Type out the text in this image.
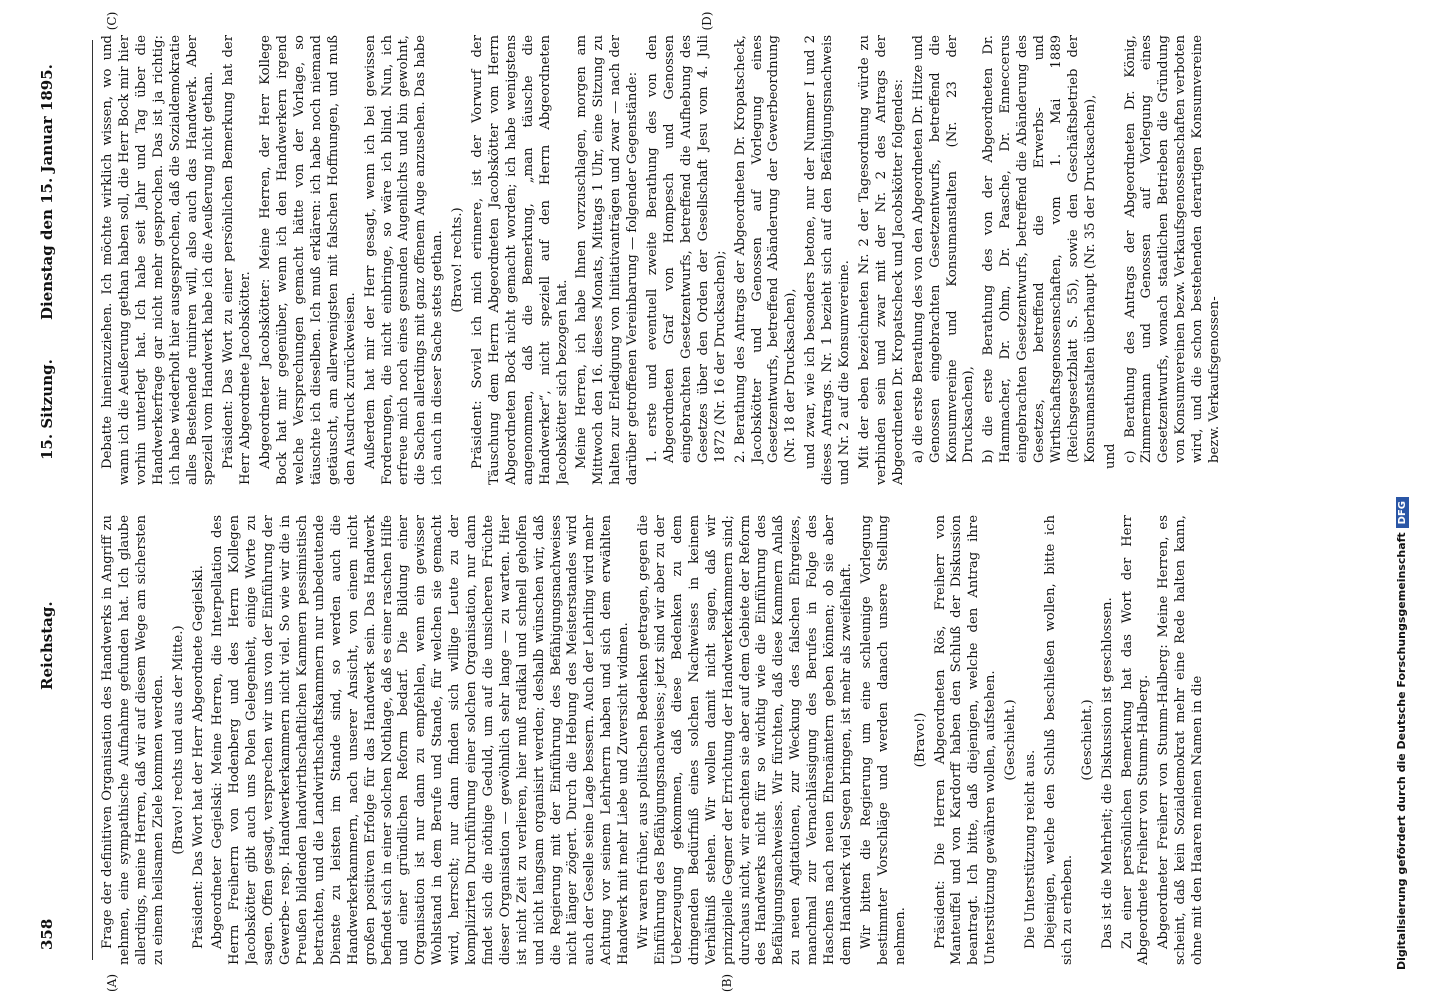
358
Reichstag.
15. Sitzung.
Dienstag den 15. Januar 1895.
(A)	(B)
(C)	(D)

Frage der definitiven Organisation des Handwerks in Angriff zu nehmen, eine sympathische Aufnahme gefunden hat. Ich glaube allerdings, meine Herren, daß wir auf diesem Wege am sichersten zu einem heilsamen Ziele kommen werden. (Bravo! rechts und aus der Mitte.) Präsident: Das Wort hat der Herr Abgeordnete Gegielski. Abgeordneter Gegielski: Meine Herren, die Interpellation des Herrn Freiherrn von Hodenberg und des Herrn Kollegen Jacobskötter gibt auch uns Polen Gelegenheit, einige Worte zu sagen. Offen gesagt, versprechen wir uns von der Einführung der Gewerbe- resp. Handwerkerkammern nicht viel. So wie wir die in Preußen bildenden landwirthschaftlichen Kammern pessimistisch betrachten, und die Landwirthschaftskammern nur unbedeutende Dienste zu leisten im Stande sind, so werden auch die Handwerkerkammern, nach unserer Ansicht, von einem nicht großen positiven Erfolge für das Handwerk sein. Das Handwerk befindet sich in einer solchen Nothlage, daß es einer raschen Hilfe und einer gründlichen Reform bedarf. Die Bildung einer Organisation ist nur dann zu empfehlen, wenn ein gewisser Wohlstand in dem Berufe und Stande, für welchen sie gemacht wird, herrscht; nur dann finden sich willige Leute zu der komplizirten Durchführung einer solchen Organisation, nur dann findet sich die nöthige Geduld, um auf die unsicheren Früchte dieser Organisation — gewöhnlich sehr lange — zu warten. Hier ist nicht Zeit zu verlieren, hier muß radikal und schnell geholfen und nicht langsam organisirt werden; deshalb wünschen wir, daß die Regierung mit der Einführung des Befähigungsnachweises nicht länger zögert. Durch die Hebung des Meisterstandes wird auch der Geselle seine Lage bessern. Auch der Lehrling wird mehr Achtung vor seinem Lehrherrn haben und sich dem erwählten Handwerk mit mehr Liebe und Zuversicht widmen. Wir waren früher, aus politischen Bedenken getragen, gegen die Einführung des Befähigungsnachweises; jetzt sind wir aber zu der Ueberzeugung gekommen, daß diese Bedenken zu dem dringenden Bedürfniß eines solchen Nachweises in keinem Verhältniß stehen. Wir wollen damit nicht sagen, daß wir prinzipielle Gegner der Errichtung der Handwerkerkammern sind; durchaus nicht, wir erachten sie aber auf dem Gebiete der Reform des Handwerks nicht für so wichtig wie die Einführung des Befähigungsnachweises. Wir fürchten, daß diese Kammern Anlaß zu neuen Agitationen, zur Weckung des falschen Ehrgeizes, manchmal zur Vernachlässigung des Berufes in Folge des Haschens nach neuen Ehrenämtern geben können; ob sie aber dem Handwerk viel Segen bringen, ist mehr als zweifelhaft. Wir bitten die Regierung um eine schleunige Vorlegung bestimmter Vorschläge und werden danach unsere Stellung nehmen.

(Bravo!) Präsident: Die Herren Abgeordneten Rös, Freiherr von Manteuffel und von Kardorff haben den Schluß der Diskussion beantragt. Ich bitte, daß diejenigen, welche den Antrag ihre Unterstützung gewähren wollen, aufstehen. (Geschieht.)

Die Unterstützung reicht aus. Diejenigen, welche den Schluß beschließen wollen, bitte ich sich zu erheben.

(Geschieht.) Das ist die Mehrheit; die Diskussion ist geschlossen. Zu einer persönlichen Bemerkung hat das Wort der Herr Abgeordnete Freiherr von Stumm-Halberg. Abgeordneter Freiherr von Stumm-Halberg: Meine Herren, es scheint, daß kein Sozialdemokrat mehr eine Rede halten kann, ohne mit den Haaren meinen Namen in die

Debatte hineinzuziehen. Ich möchte wirklich wissen, wo und wann ich die Aeußerung gethan haben soll, die Herr Bock mir hier vorhin unterlegt hat. Ich habe seit Jahr und Tag über die Handwerkerfrage gar nicht mehr gesprochen. Das ist ja richtig: ich habe wiederholt hier ausgesprochen, daß die Sozialdemokratie alles Bestehende ruiniren will, also auch das Handwerk. Aber speziell vom Handwerk habe ich die Aeußerung nicht gethan. Präsident: Das Wort zu einer persönlichen Bemerkung hat der Herr Abgeordnete Jacobskötter. Abgeordneter Jacobskötter: Meine Herren, der Herr Kollege Bock hat mir gegenüber, wenn ich den Handwerkern irgend welche Versprechungen gemacht hätte von der Vorlage, so täuschte ich dieselben. Ich muß erklären: ich habe noch niemand getäuscht, am allerwenigsten mit falschen Hoffnungen, und muß den Ausdruck zurückweisen. Außerdem hat mir der Herr gesagt, wenn ich bei gewissen Forderungen, die nicht einbringe, so wäre ich blind. Nun, ich erfreue mich noch eines gesunden Augenlichts und bin gewohnt, die Sachen allerdings mit ganz offenem Auge anzusehen. Das habe ich auch in dieser Sache stets gethan. (Bravo! rechts.) Präsident: Soviel ich mich erinnere, ist der Vorwurf der Täuschung dem Herrn Abgeordneten Jacobskötter vom Herrn Abgeordneten Bock nicht gemacht worden; ich habe wenigstens angenommen, daß die Bemerkung, „man täusche die Handwerker“, nicht speziell auf den Herrn Abgeordneten Jacobskötter sich bezogen hat. Meine Herren, ich habe Ihnen vorzuschlagen, morgen am Mittwoch den 16. dieses Monats, Mittags 1 Uhr, eine Sitzung zu halten zur Erledigung von Initiativanträgen und zwar — nach der darüber getroffenen Vereinbarung — folgender Gegenstände: 1. erste und eventuell zweite Berathung des von den Abgeordneten Graf von Hompesch und Genossen eingebrachten Gesetzentwurfs, betreffend die Aufhebung des Gesetzes über den Orden der Gesellschaft Jesu vom 4. Juli 1872 (Nr. 16 der Drucksachen); 2. Berathung des Antrags der Abgeordneten Dr. Kropatscheck, Jacobskötter und Genossen auf Vorlegung eines Gesetzentwurfs, betreffend Abänderung der Gewerbeordnung (Nr. 18 der Drucksachen), und zwar, wie ich besonders betone, nur der Nummer I und 2 dieses Antrags. Nr. 1 bezieht sich auf den Befähigungsnachweis und Nr. 2 auf die Konsumvereine. Mit der eben bezeichneten Nr. 2 der Tagesordnung würde zu verbinden sein und zwar mit der Nr. 2 des Antrags der Abgeordneten Dr. Kropatscheck und Jacobskötter folgendes: a) die erste Berathung des von den Abgeordneten Dr. Hitze und Genossen eingebrachten Gesetzentwurfs, betreffend die Konsumvereine und Konsumanstalten (Nr. 23 der Drucksachen), b) die erste Berathung des von der Abgeordneten Dr. Hammacher, Dr. Ohm, Dr. Paasche, Dr. Enneccerus eingebrachten Gesetzentwurfs, betreffend die Abänderung des Gesetzes, betreffend die Erwerbs- und Wirthschaftsgenossenschaften, vom 1. Mai 1889 (Reichsgesetzblatt S. 55), sowie den Geschäftsbetrieb der Konsumanstalten überhaupt (Nr. 35 der Drucksachen), und c) Berathung des Antrags der Abgeordneten Dr. König, Zimmermann und Genossen auf Vorlegung eines Gesetzentwurfs, wonach staatlichen Betrieben die Gründung von Konsumvereinen bezw. Verkaufsgenossenschaften verboten wird, und die schon bestehenden derartigen Konsumvereine bezw. Verkaufsgenossen-

Digitalisierung gefördert durch die Deutsche ForschungsgemeinschaftDFG
